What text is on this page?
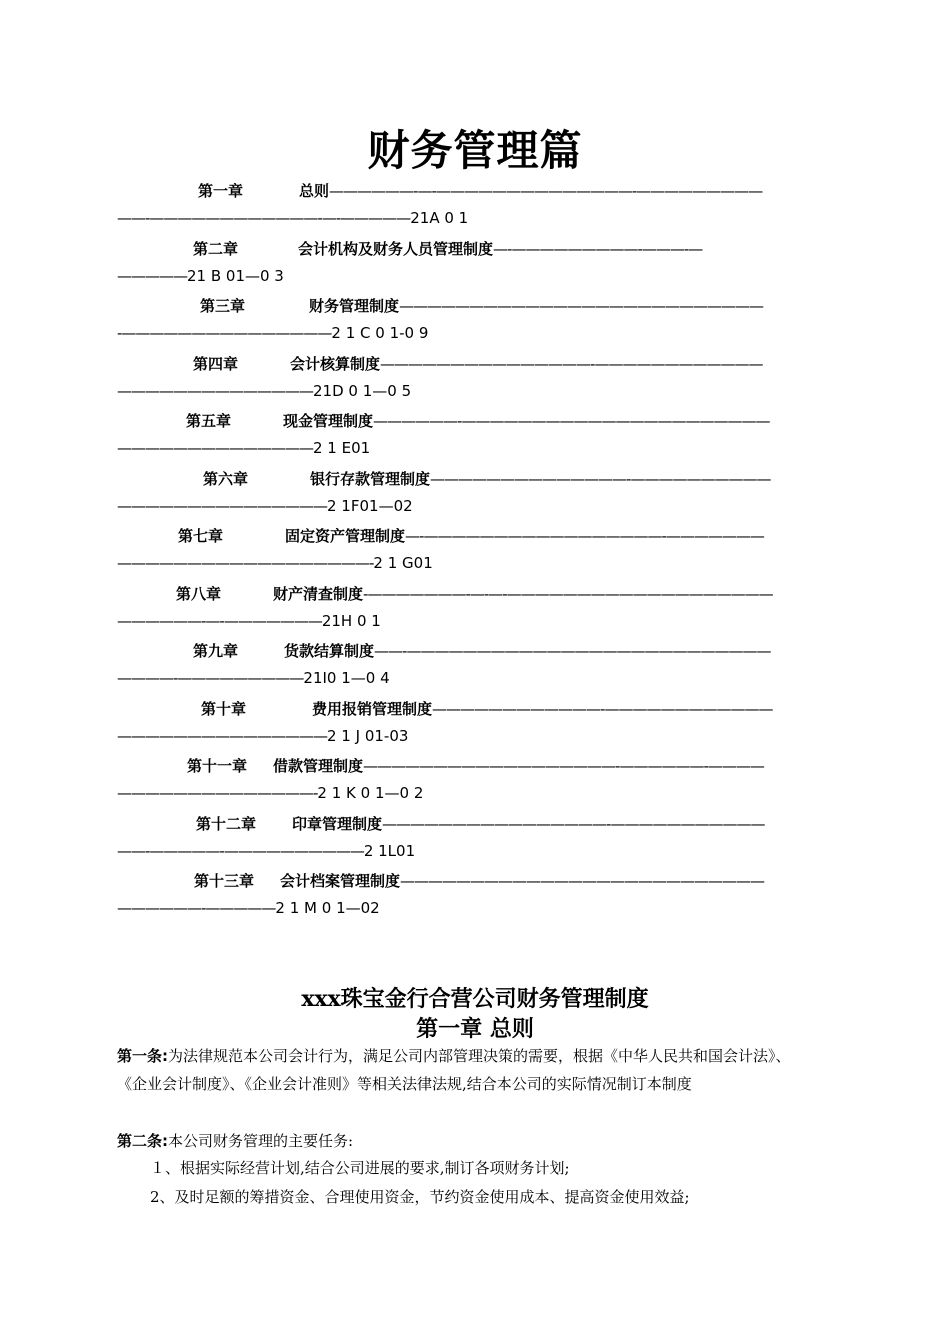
财务管理篇
第一章	总则——————-—-——————————————-—————————
——-————————————-—-—————21A 0 1
第二章	会计机构及财务人员管理制度—-—————————-———-—
—————21 B 01—0 3
第三章	财务管理制度——————————————————————————
-———————————————2 1 C 0 1-0 9
第四章	会计核算制度———————————————-————————————
——————————————21D 0 1—0 5
第五章	现金管理制度——————-——————————————————————
——————————————2 1 E01
第六章	银行存款管理制度——————————————-——————————
———————————————2 1F01—02
第七章	固定资产管理制度—-—————————————————-———————
——————————————————-2 1 G01
第八章	财产清查制度-———————-—-—-———————————————————
——————-—-———————21H 0 1
第九章	货款结算制度——-——————————————————————————
————-—————————21I0 1—0 4
第十章	费用报销管理制度————————————-————————————
———————————————2 1 J 01-03
第十一章 借款管理制度——————————————————-——————-————
——————————————-2 1 K 0 1—0 2
第十二章 印章管理制度————————————————-———————————
——-—————-——————————2 1L01
第十三章 会计档案管理制度——————————————————————————
——————-—————2 1 M 0 1—02
xxx珠宝金行合营公司财务管理制度
第一章 总则
第一条:为法律规范本公司会计行为，满足公司内部管理决策的需要，根据《中华人民共和国会计法》、《企业会计制度》、《企业会计准则》等相关法律法规,结合本公司的实际情况制订本制度
第二条:本公司财务管理的主要任务:
１、根据实际经营计划,结合公司进展的要求,制订各项财务计划;
2、及时足额的筹措资金、合理使用资金，节约资金使用成本、提高资金使用效益;
